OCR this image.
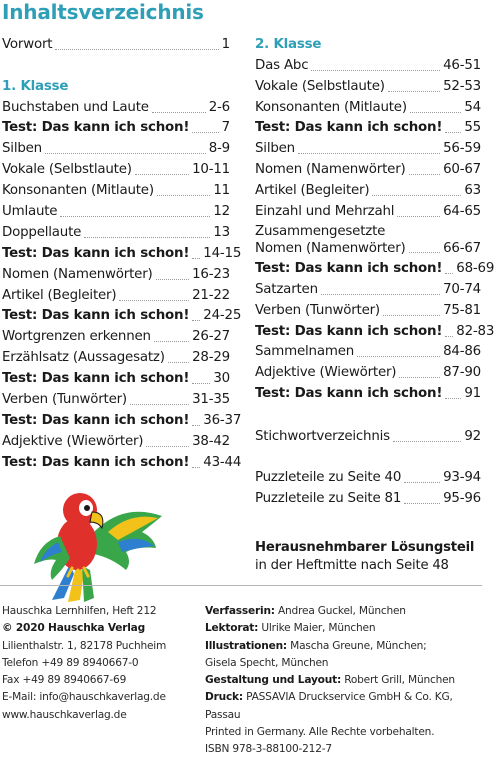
Inhaltsverzeichnis
Vorwort	1
1. Klasse
Buchstaben und Laute	2-6
Test: Das kann ich schon! 7
Silben	8-9
Vokale (Selbstlaute)	10-11
Konsonanten (Mitlaute)	11
Umlaute	12
Doppellaute	13
Test: Das kann ich schon! 14-15
Nomen (Namenwörter)	16-23
Artikel (Begleiter)	21-22
Test: Das kann ich schon! 24-25
Wortgrenzen erkennen	26-27
Erzählsatz (Aussagesatz) 28-29
Test: Das kann ich schon! 30
Verben (Tunwörter)	31-35
Test: Das kann ich schon! 36-37
Adjektive (Wiewörter)	38-42
Test: Das kann ich schon! 43-44
2. Klasse
Das Abc	46-51
Vokale (Selbstlaute)	52-53
Konsonanten (Mitlaute)	54
Test: Das kann ich schon! 55
Silben	56-59
Nomen (Namenwörter)	60-67
Artikel (Begleiter)	63
Einzahl und Mehrzahl	64-65
Zusammengesetzte
Nomen (Namenwörter)	66-67
Test: Das kann ich schon! 68-69
Satzarten	70-74
Verben (Tunwörter)	75-81
Test: Das kann ich schon! 82-83
Sammelnamen	84-86
Adjektive (Wiewörter)	87-90
Test: Das kann ich schon! 91
Stichwortverzeichnis	92
Puzzleteile zu Seite 40	93-94
Puzzleteile zu Seite 81	95-96
Herausnehmbarer Lösungsteil
in der Heftmitte nach Seite 48
Hauschka Lernhilfen, Heft 212
© 2020 Hauschka Verlag
Lilienthalstr. 1, 82178 Puchheim
Telefon +49 89 8940667-0
Fax +49 89 8940667-69
E-Mail: info@hauschkaverlag.de
www.hauschkaverlag.de
Verfasserin: Andrea Guckel, München
Lektorat: Ulrike Maier, München
Illustrationen: Mascha Greune, München;
Gisela Specht, München
Gestaltung und Layout: Robert Grill, München
Druck: PASSAVIA Druckservice GmbH & Co. KG, Passau
Printed in Germany. Alle Rechte vorbehalten.
ISBN 978-3-88100-212-7
